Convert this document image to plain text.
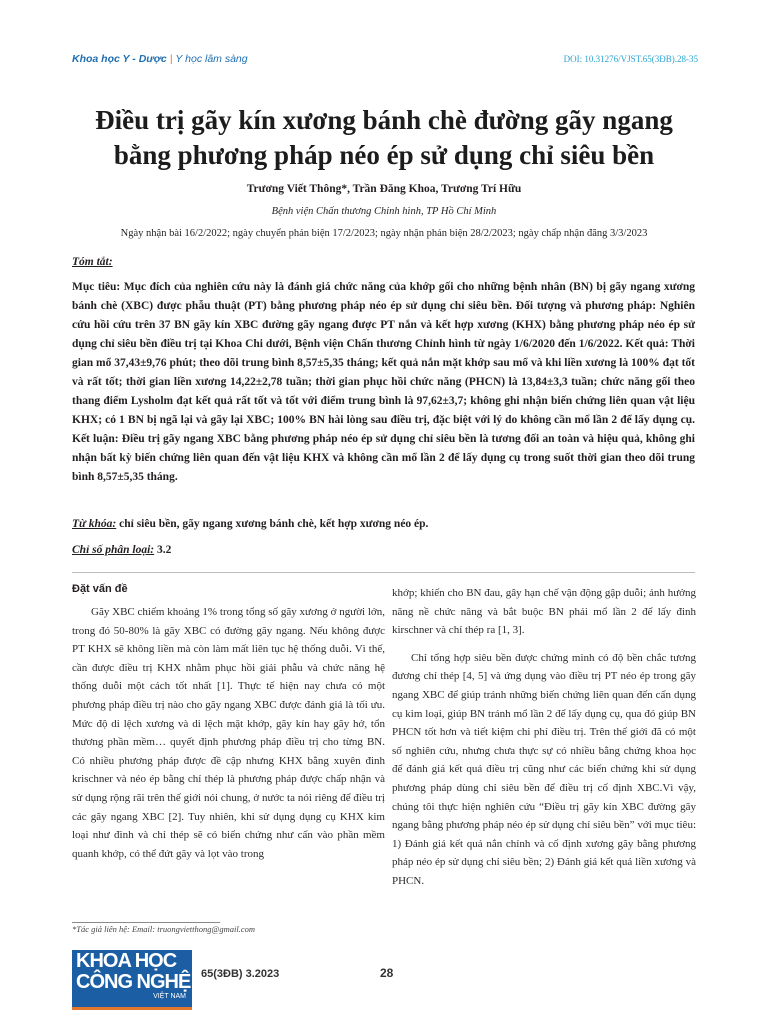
Khoa học Y - Dược | Y học lâm sàng	DOI: 10.31276/VJST.65(3ĐB).28-35
Điều trị gãy kín xương bánh chè đường gãy ngang
bằng phương pháp néo ép sử dụng chỉ siêu bền
Trương Viết Thông*, Trần Đăng Khoa, Trương Trí Hữu
Bệnh viện Chấn thương Chỉnh hình, TP Hồ Chí Minh
Ngày nhận bài 16/2/2022; ngày chuyển phản biện 17/2/2023; ngày nhận phản biện 28/2/2023; ngày chấp nhận đăng 3/3/2023
Tóm tắt:
Mục tiêu: Mục đích của nghiên cứu này là đánh giá chức năng của khớp gối cho những bệnh nhân (BN) bị gãy ngang xương bánh chè (XBC) được phẫu thuật (PT) bằng phương pháp néo ép sử dụng chỉ siêu bền. Đối tượng và phương pháp: Nghiên cứu hồi cứu trên 37 BN gãy kín XBC đường gãy ngang được PT nắn và kết hợp xương (KHX) bằng phương pháp néo ép sử dụng chỉ siêu bền điều trị tại Khoa Chi dưới, Bệnh viện Chấn thương Chỉnh hình từ ngày 1/6/2020 đến 1/6/2022. Kết quả: Thời gian mổ 37,43±9,76 phút; theo dõi trung bình 8,57±5,35 tháng; kết quả nắn mặt khớp sau mổ và khi liền xương là 100% đạt tốt và rất tốt; thời gian liền xương 14,22±2,78 tuần; thời gian phục hồi chức năng (PHCN) là 13,84±3,3 tuần; chức năng gối theo thang điểm Lysholm đạt kết quả rất tốt và tốt với điểm trung bình là 97,62±3,7; không ghi nhận biến chứng liên quan vật liệu KHX; có 1 BN bị ngã lại và gãy lại XBC; 100% BN hài lòng sau điều trị, đặc biệt với lý do không cần mổ lần 2 để lấy dụng cụ. Kết luận: Điều trị gãy ngang XBC bằng phương pháp néo ép sử dụng chỉ siêu bền là tương đối an toàn và hiệu quả, không ghi nhận bất kỳ biến chứng liên quan đến vật liệu KHX và không cần mổ lần 2 để lấy dụng cụ trong suốt thời gian theo dõi trung bình 8,57±5,35 tháng.
Từ khóa: chỉ siêu bền, gãy ngang xương bánh chè, kết hợp xương néo ép.
Chỉ số phân loại: 3.2
Đặt vấn đề

Gãy XBC chiếm khoảng 1% trong tổng số gãy xương ở người lớn, trong đó 50-80% là gãy XBC có đường gãy ngang. Nếu không được PT KHX sẽ không liền mà còn làm mất liên tục hệ thống duỗi. Vì thế, cần được điều trị KHX nhằm phục hồi giải phẫu và chức năng hệ thống duỗi một cách tốt nhất [1]. Thực tế hiện nay chưa có một phương pháp điều trị nào cho gãy ngang XBC được đánh giá là tối ưu. Mức độ di lệch xương và di lệch mặt khớp, gãy kín hay gãy hở, tổn thương phần mềm… quyết định phương pháp điều trị cho từng BN. Có nhiều phương pháp được đề cập nhưng KHX bằng xuyên đinh krischner và néo ép bằng chỉ thép là phương pháp được chấp nhận và sử dụng rộng rãi trên thế giới nói chung, ở nước ta nói riêng để điều trị các gãy ngang XBC [2]. Tuy nhiên, khi sử dụng dụng cụ KHX kim loại như đinh và chỉ thép sẽ có biến chứng như cấn vào phần mềm quanh khớp, có thể đứt gãy và lọt vào trong

khớp; khiến cho BN đau, gây hạn chế vận động gập duỗi; ảnh hưởng năng nề chức năng và bắt buộc BN phải mổ lần 2 để lấy đinh kirschner và chỉ thép ra [1, 3].

Chỉ tổng hợp siêu bền được chứng minh có độ bền chắc tương đương chỉ thép [4, 5] và ứng dụng vào điều trị PT néo ép trong gãy ngang XBC để giúp tránh những biến chứng liên quan đến cấn dụng cụ kim loại, giúp BN tránh mổ lần 2 để lấy dụng cụ, qua đó giúp BN PHCN tốt hơn và tiết kiệm chi phí điều trị. Trên thế giới đã có một số nghiên cứu, nhưng chưa thực sự có nhiều bằng chứng khoa học để đánh giá kết quả điều trị cũng như các biến chứng khi sử dụng phương pháp dùng chỉ siêu bền để điều trị cố định XBC.Vì vậy, chúng tôi thực hiện nghiên cứu “Điều trị gãy kín XBC đường gãy ngang bằng phương pháp néo ép sử dụng chỉ siêu bền” với mục tiêu: 1) Đánh giá kết quả nắn chỉnh và cố định xương gãy bằng phương pháp néo ép sử dụng chỉ siêu bền; 2) Đánh giá kết quả liền xương và PHCN.

*Tác giả liên hệ: Email: truongvietthong@gmail.com
KHOA HỌC
CÔNG NGHỆ
VIỆT NAM
65(3ĐB) 3.2023	28
